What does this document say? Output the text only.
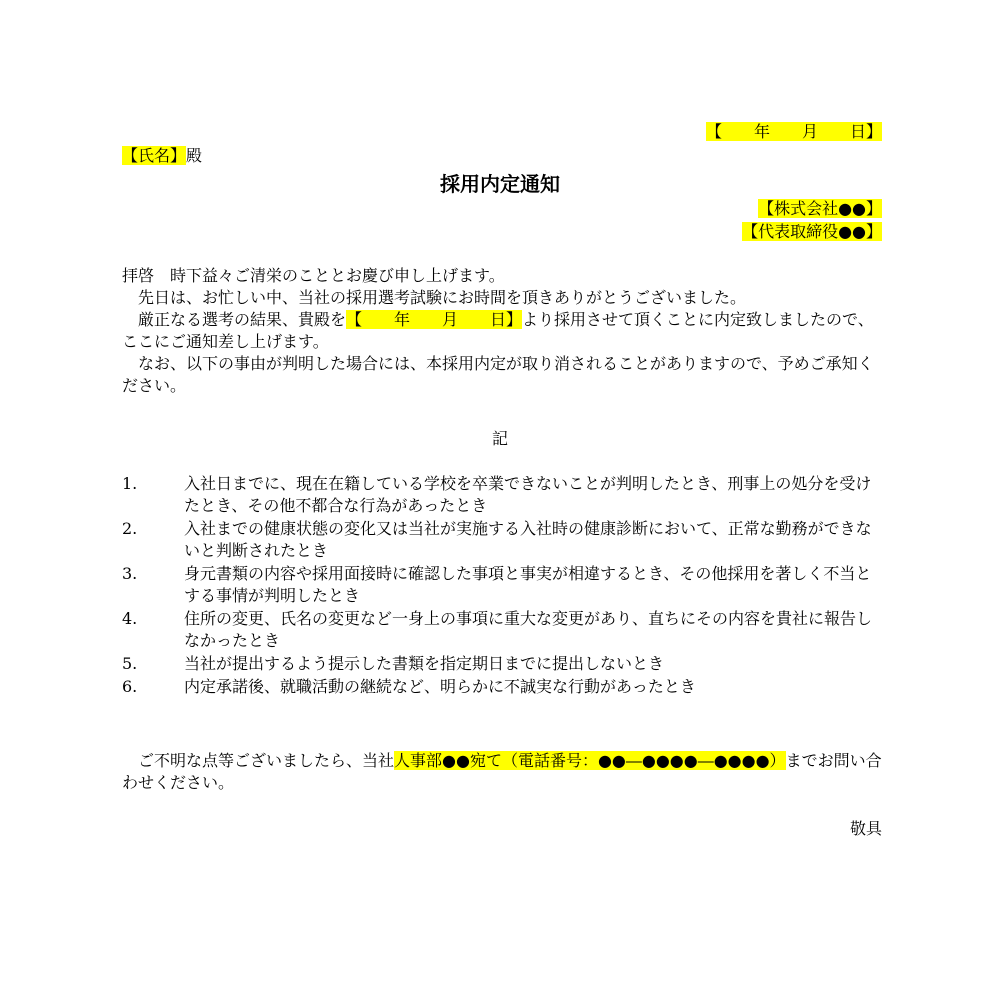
【　　年　　月　　日】
【氏名】殿
採用内定通知
【株式会社●●】
【代表取締役●●】
拝啓　時下益々ご清栄のこととお慶び申し上げます。
先日は、お忙しい中、当社の採用選考試験にお時間を頂きありがとうございました。
厳正なる選考の結果、貴殿を【　　年　　月　　日】より採用させて頂くことに内定致しましたので、ここにご通知差し上げます。
なお、以下の事由が判明した場合には、本採用内定が取り消されることがありますので、予めご承知ください。
記
1.	入社日までに、現在在籍している学校を卒業できないことが判明したとき、刑事上の処分を受けたとき、その他不都合な行為があったとき
2.	入社までの健康状態の変化又は当社が実施する入社時の健康診断において、正常な勤務ができないと判断されたとき
3.	身元書類の内容や採用面接時に確認した事項と事実が相違するとき、その他採用を著しく不当とする事情が判明したとき
4.	住所の変更、氏名の変更など一身上の事項に重大な変更があり、直ちにその内容を貴社に報告しなかったとき
5.	当社が提出するよう提示した書類を指定期日までに提出しないとき
6.	内定承諾後、就職活動の継続など、明らかに不誠実な行動があったとき
ご不明な点等ございましたら、当社人事部●●宛て（電話番号：●●―●●●●―●●●●）までお問い合わせください。
敬具
